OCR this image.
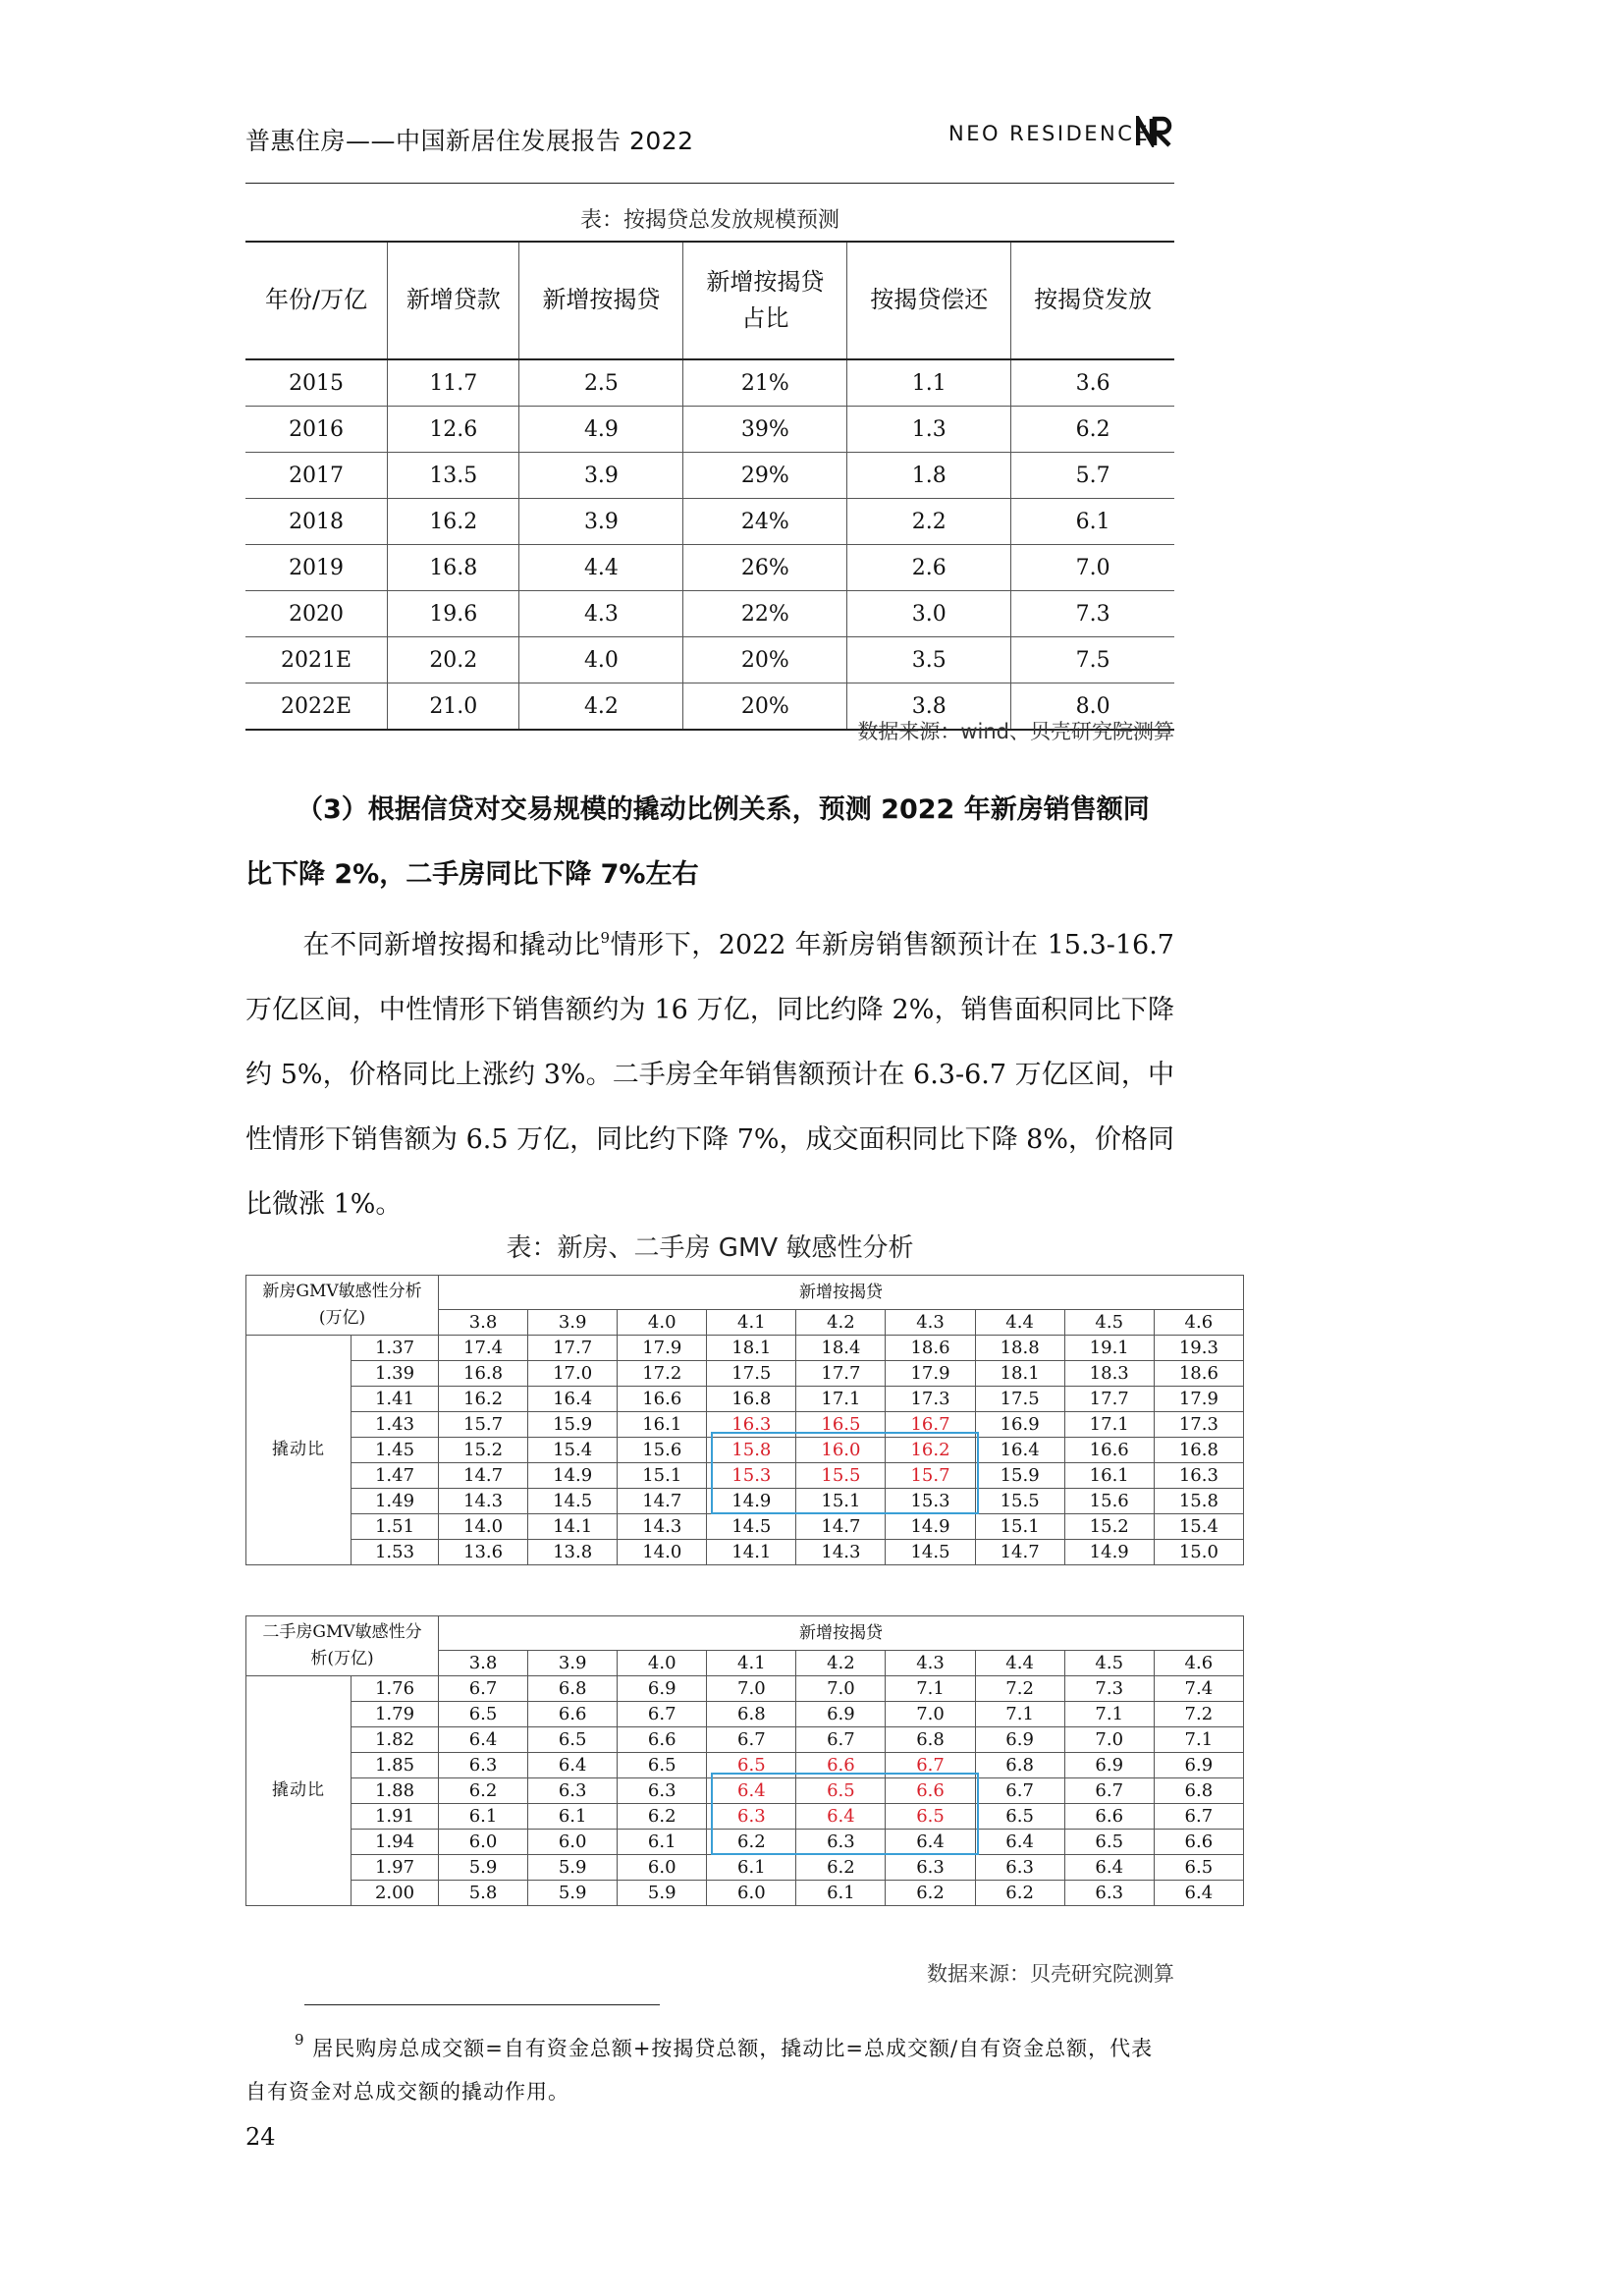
普惠住房——中国新居住发展报告 2022	NEO RESIDENCE
表：按揭贷总发放规模预测
年份/万亿	新增贷款	新增按揭贷	新增按揭贷
占比	按揭贷偿还	按揭贷发放
2015	11.7	2.5	21%	1.1	3.6
2016	12.6	4.9	39%	1.3	6.2
2017	13.5	3.9	29%	1.8	5.7
2018	16.2	3.9	24%	2.2	6.1
2019	16.8	4.4	26%	2.6	7.0
2020	19.6	4.3	22%	3.0	7.3
2021E	20.2	4.0	20%	3.5	7.5
2022E	21.0	4.2	20%	3.8	8.0
数据来源：wind、贝壳研究院测算
（3）根据信贷对交易规模的撬动比例关系，预测 2022 年新房销售额同比下降 2%，二手房同比下降 7%左右
在不同新增按揭和撬动比$^9$情形下，2022 年新房销售额预计在 15.3-16.7 万亿区间，中性情形下销售额约为 16 万亿，同比约降 2%，销售面积同比下降约 5%，价格同比上涨约 3%。二手房全年销售额预计在 6.3-6.7 万亿区间，中性情形下销售额为 6.5 万亿，同比约下降 7%，成交面积同比下降 8%，价格同比微涨 1%。
表：新房、二手房 GMV 敏感性分析
新房GMV敏感性分析
(万亿)		新增按揭贷								
		3.8	3.9	4.0	4.1	4.2	4.3	4.4	4.5	4.6
撬动比	1.37	17.4	17.7	17.9	18.1	18.4	18.6	18.8	19.1	19.3
	1.39	16.8	17.0	17.2	17.5	17.7	17.9	18.1	18.3	18.6
	1.41	16.2	16.4	16.6	16.8	17.1	17.3	17.5	17.7	17.9
	1.43	15.7	15.9	16.1	16.3	16.5	16.7	16.9	17.1	17.3
	1.45	15.2	15.4	15.6	15.8	16.0	16.2	16.4	16.6	16.8
	1.47	14.7	14.9	15.1	15.3	15.5	15.7	15.9	16.1	16.3
	1.49	14.3	14.5	14.7	14.9	15.1	15.3	15.5	15.6	15.8
	1.51	14.0	14.1	14.3	14.5	14.7	14.9	15.1	15.2	15.4
	1.53	13.6	13.8	14.0	14.1	14.3	14.5	14.7	14.9	15.0
二手房GMV敏感性分
析(万亿)		新增按揭贷								
		3.8	3.9	4.0	4.1	4.2	4.3	4.4	4.5	4.6
撬动比	1.76	6.7	6.8	6.9	7.0	7.0	7.1	7.2	7.3	7.4
	1.79	6.5	6.6	6.7	6.8	6.9	7.0	7.1	7.1	7.2
	1.82	6.4	6.5	6.6	6.7	6.7	6.8	6.9	7.0	7.1
	1.85	6.3	6.4	6.5	6.5	6.6	6.7	6.8	6.9	6.9
	1.88	6.2	6.3	6.3	6.4	6.5	6.6	6.7	6.7	6.8
	1.91	6.1	6.1	6.2	6.3	6.4	6.5	6.5	6.6	6.7
	1.94	6.0	6.0	6.1	6.2	6.3	6.4	6.4	6.5	6.6
	1.97	5.9	5.9	6.0	6.1	6.2	6.3	6.3	6.4	6.5
	2.00	5.8	5.9	5.9	6.0	6.1	6.2	6.2	6.3	6.4
数据来源：贝壳研究院测算
$^9$ 居民购房总成交额=自有资金总额+按揭贷总额，撬动比=总成交额/自有资金总额，代表自有资金对总成交额的撬动作用。
24
